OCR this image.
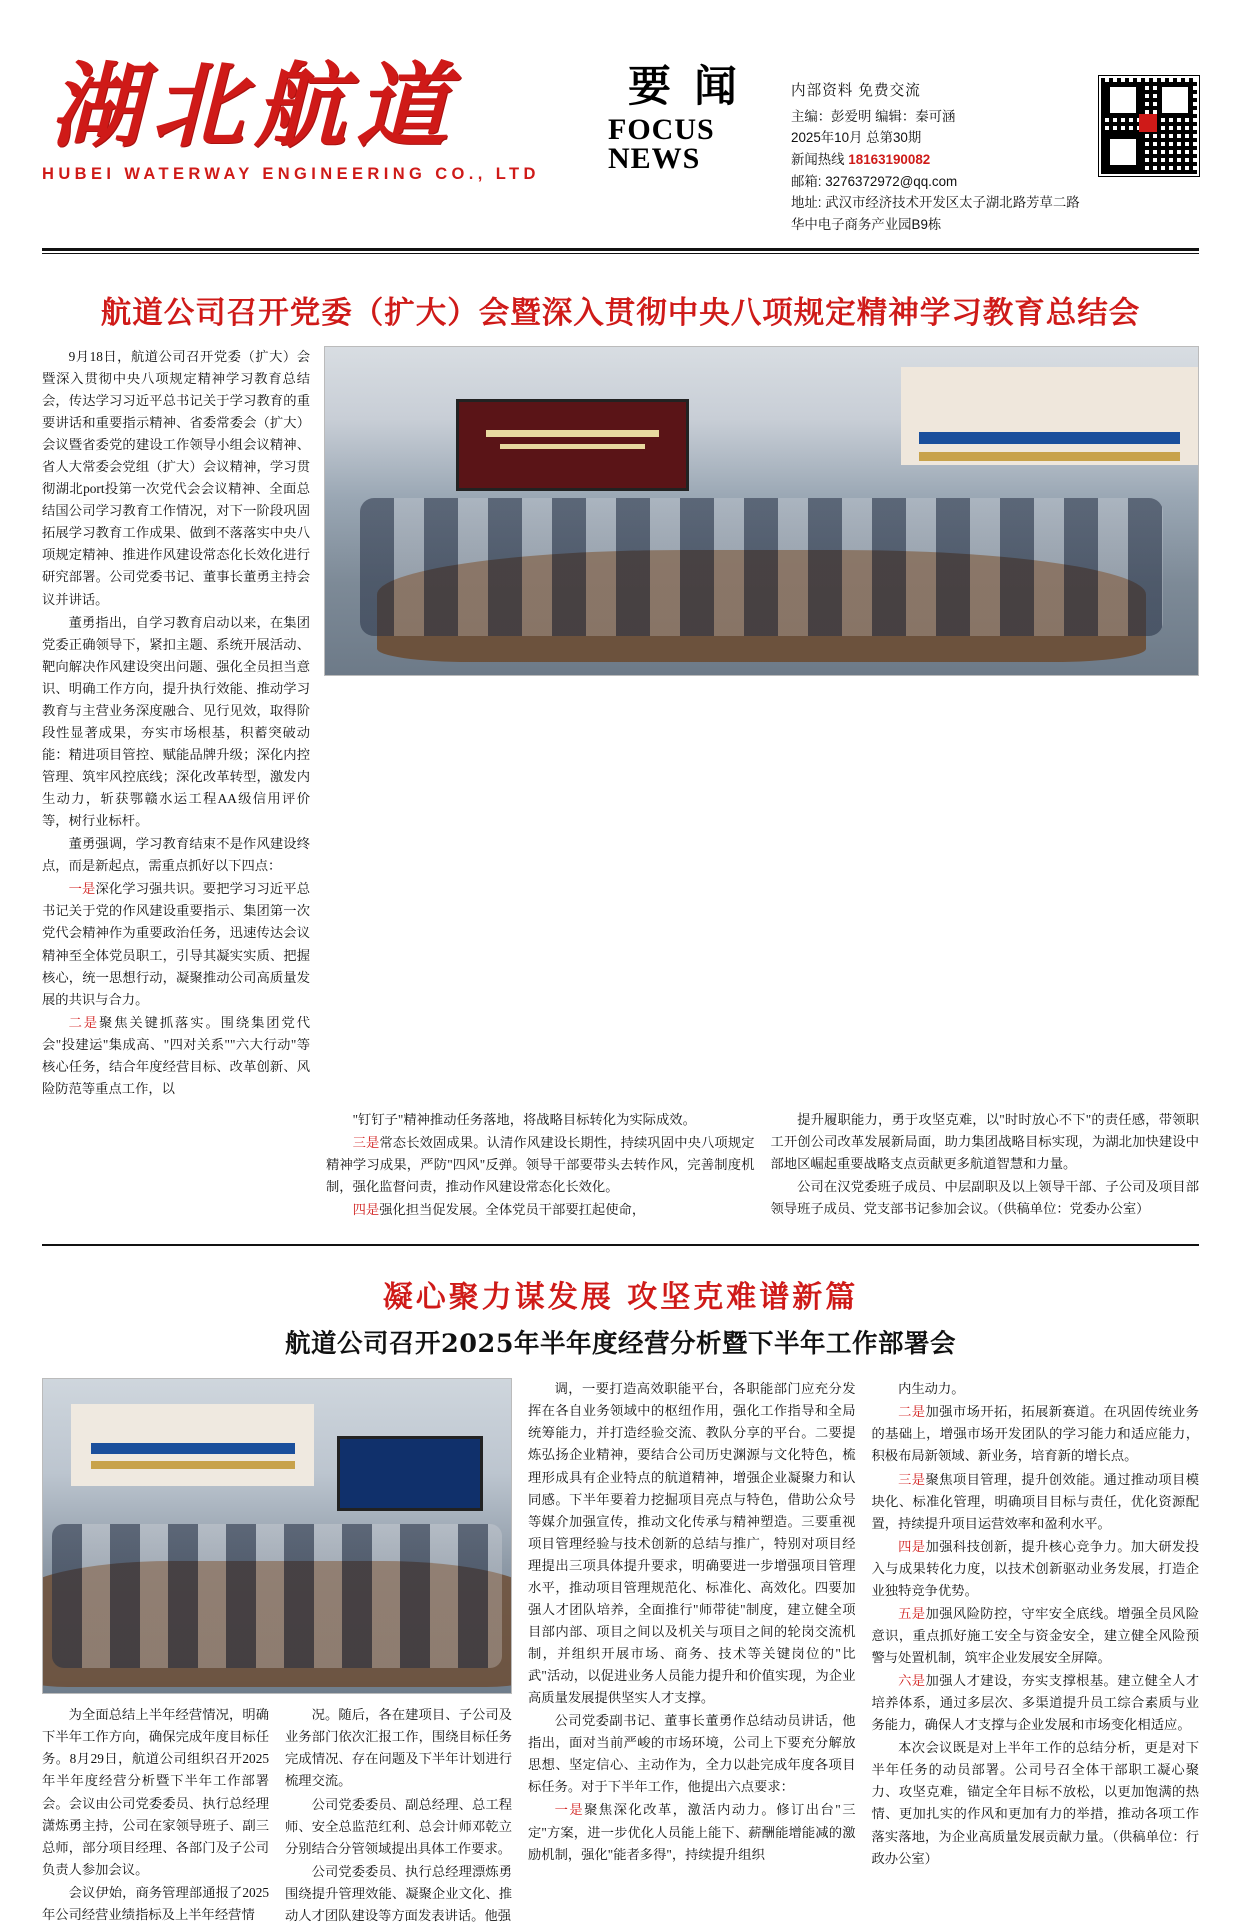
湖北航道
HUBEI WATERWAY ENGINEERING CO., LTD
要 闻
FOCUS
NEWS
内部资料 免费交流
主编：彭爱明 编辑：秦可涵
2025年10月 总第30期
新闻热线 18163190082
邮箱: 3276372972@qq.com
地址: 武汉市经济技术开发区太子湖北路芳草二路华中电子商务产业园B9栋
航道公司召开党委（扩大）会暨深入贯彻中央八项规定精神学习教育总结会

9月18日，航道公司召开党委（扩大）会暨深入贯彻中央八项规定精神学习教育总结会，传达学习习近平总书记关于学习教育的重要讲话和重要指示精神、省委常委会（扩大）会议暨省委党的建设工作领导小组会议精神、省人大常委会党组（扩大）会议精神，学习贯彻湖北port投第一次党代会会议精神、全面总结国公司学习教育工作情况，对下一阶段巩固拓展学习教育工作成果、做到不落落实中央八项规定精神、推进作风建设常态化长效化进行研究部署。公司党委书记、董事长董勇主持会议并讲话。

董勇指出，自学习教育启动以来，在集团党委正确领导下，紧扣主题、系统开展活动、靶向解决作风建设突出问题、强化全员担当意识、明确工作方向，提升执行效能、推动学习教育与主营业务深度融合、见行见效，取得阶段性显著成果，夯实市场根基，积蓄突破动能：精进项目管控、赋能品牌升级；深化内控管理、筑牢风控底线；深化改革转型，激发内生动力，斩获鄂赣水运工程AA级信用评价等，树行业标杆。

董勇强调，学习教育结束不是作风建设终点，而是新起点，需重点抓好以下四点：

一是深化学习强共识。要把学习习近平总书记关于党的作风建设重要指示、集团第一次党代会精神作为重要政治任务，迅速传达会议精神至全体党员职工，引导其凝实实质、把握核心，统一思想行动，凝聚推动公司高质量发展的共识与合力。

二是聚焦关键抓落实。围绕集团党代会"投建运"集成高、"四对关系""六大行动"等核心任务，结合年度经营目标、改革创新、风险防范等重点工作，以

"钉钉子"精神推动任务落地，将战略目标转化为实际成效。

三是常态长效固成果。认清作风建设长期性，持续巩固中央八项规定精神学习成果，严防"四风"反弹。领导干部要带头去转作风，完善制度机制，强化监督问责，推动作风建设常态化长效化。

四是强化担当促发展。全体党员干部要扛起使命，

提升履职能力，勇于攻坚克难，以"时时放心不下"的责任感，带领职工开创公司改革发展新局面，助力集团战略目标实现，为湖北加快建设中部地区崛起重要战略支点贡献更多航道智慧和力量。

公司在汉党委班子成员、中层副职及以上领导干部、子公司及项目部领导班子成员、党支部书记参加会议。（供稿单位：党委办公室）

凝心聚力谋发展 攻坚克难谱新篇
航道公司召开2025年半年度经营分析暨下半年工作部署会

为全面总结上半年经营情况，明确下半年工作方向，确保完成年度目标任务。8月29日，航道公司组织召开2025年半年度经营分析暨下半年工作部署会。会议由公司党委委员、执行总经理潇炼勇主持，公司在家领导班子、副三总师，部分项目经理、各部门及子公司负责人参加会议。

会议伊始，商务管理部通报了2025年公司经营业绩指标及上半年经营情

况。随后，各在建项目、子公司及业务部门依次汇报工作，围绕目标任务完成情况、存在问题及下半年计划进行梳理交流。

公司党委委员、副总经理、总工程师、安全总监范红利、总会计师邓乾立分别结合分管领域提出具体工作要求。

公司党委委员、执行总经理漂炼勇围绕提升管理效能、凝聚企业文化、推动人才团队建设等方面发表讲话。他强

调，一要打造高效职能平台，各职能部门应充分发挥在各自业务领域中的枢纽作用，强化工作指导和全局统筹能力，并打造经验交流、教队分享的平台。二要提炼弘扬企业精神，要结合公司历史渊源与文化特色，梳理形成具有企业特点的航道精神，增强企业凝聚力和认同感。下半年要着力挖掘项目亮点与特色，借助公众号等媒介加强宣传，推动文化传承与精神塑造。三要重视项目管理经验与技术创新的总结与推广，特别对项目经理提出三项具体提升要求，明确要进一步增强项目管理水平，推动项目管理规范化、标准化、高效化。四要加强人才团队培养，全面推行"师带徒"制度，建立健全项目部内部、项目之间以及机关与项目之间的轮岗交流机制，并组织开展市场、商务、技术等关键岗位的"比武"活动，以促进业务人员能力提升和价值实现，为企业高质量发展提供坚实人才支撑。

公司党委副书记、董事长董勇作总结动员讲话，他指出，面对当前严峻的市场环境，公司上下要充分解放思想、坚定信心、主动作为，全力以赴完成年度各项目标任务。对于下半年工作，他提出六点要求：

一是聚焦深化改革，激活内动力。修订出台"三定"方案，进一步优化人员能上能下、薪酬能增能减的激励机制，强化"能者多得"，持续提升组织

内生动力。

二是加强市场开拓，拓展新赛道。在巩固传统业务的基础上，增强市场开发团队的学习能力和适应能力，积极布局新领域、新业务，培育新的增长点。

三是聚焦项目管理，提升创效能。通过推动项目模块化、标准化管理，明确项目目标与责任，优化资源配置，持续提升项目运营效率和盈利水平。

四是加强科技创新，提升核心竞争力。加大研发投入与成果转化力度，以技术创新驱动业务发展，打造企业独特竞争优势。

五是加强风险防控，守牢安全底线。增强全员风险意识，重点抓好施工安全与资金安全，建立健全风险预警与处置机制，筑牢企业发展安全屏障。

六是加强人才建设，夯实支撑根基。建立健全人才培养体系，通过多层次、多渠道提升员工综合素质与业务能力，确保人才支撑与企业发展和市场变化相适应。

本次会议既是对上半年工作的总结分析，更是对下半年任务的动员部署。公司号召全体干部职工凝心聚力、攻坚克难，锚定全年目标不放松，以更加饱满的热情、更加扎实的作风和更加有力的举措，推动各项工作落实落地，为企业高质量发展贡献力量。（供稿单位：行政办公室）
